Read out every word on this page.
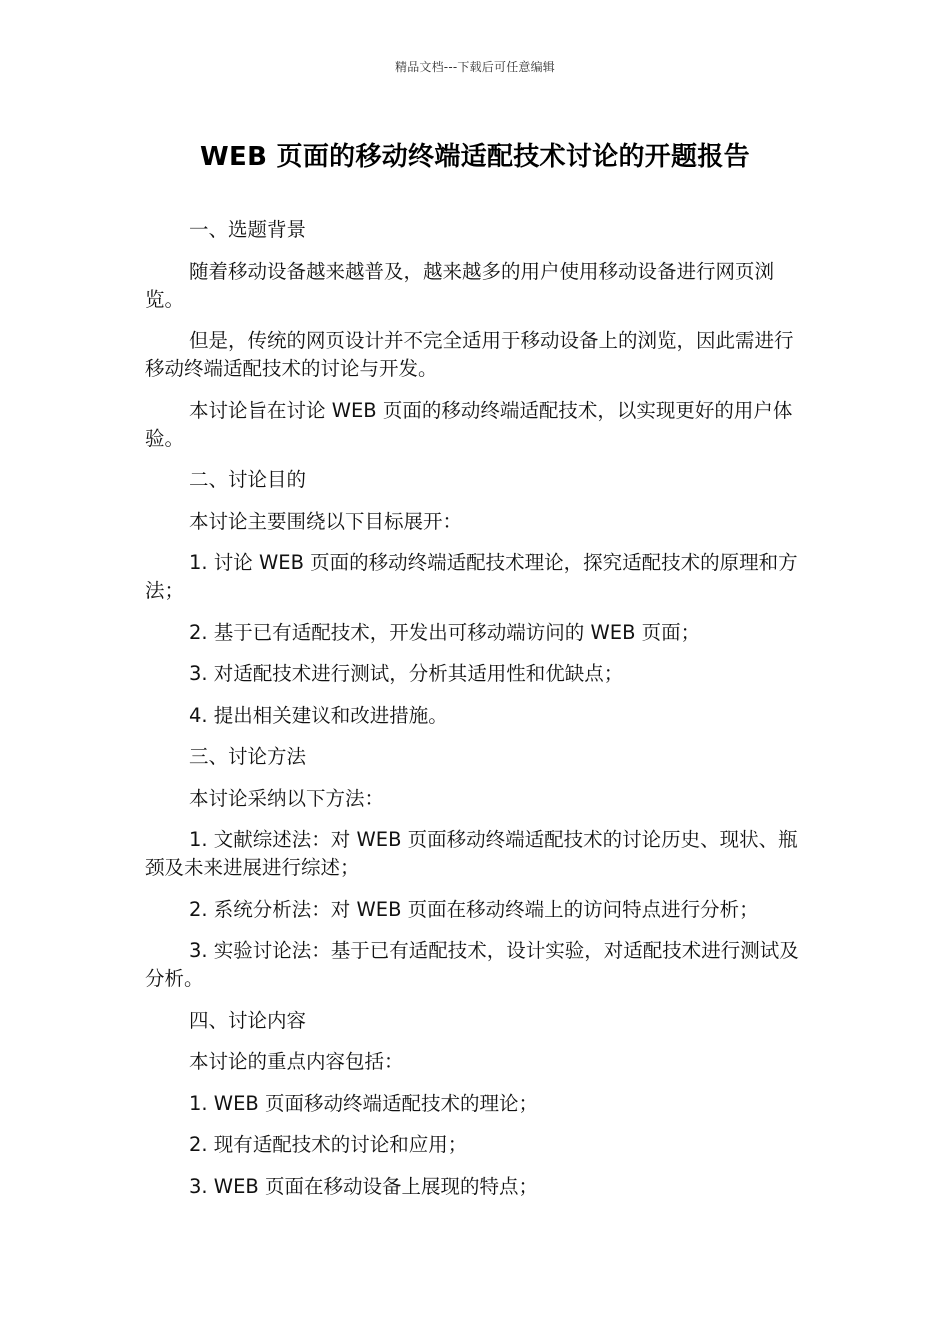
精品文档---下载后可任意编辑
WEB 页面的移动终端适配技术讨论的开题报告

一、选题背景

随着移动设备越来越普及，越来越多的用户使用移动设备进行网页浏览。

但是，传统的网页设计并不完全适用于移动设备上的浏览，因此需进行移动终端适配技术的讨论与开发。

本讨论旨在讨论 WEB 页面的移动终端适配技术，以实现更好的用户体验。

二、讨论目的

本讨论主要围绕以下目标展开：

1. 讨论 WEB 页面的移动终端适配技术理论，探究适配技术的原理和方法；

2. 基于已有适配技术，开发出可移动端访问的 WEB 页面；

3. 对适配技术进行测试，分析其适用性和优缺点；

4. 提出相关建议和改进措施。

三、讨论方法

本讨论采纳以下方法：

1. 文献综述法：对 WEB 页面移动终端适配技术的讨论历史、现状、瓶颈及未来进展进行综述；

2. 系统分析法：对 WEB 页面在移动终端上的访问特点进行分析；

3. 实验讨论法：基于已有适配技术，设计实验，对适配技术进行测试及分析。

四、讨论内容

本讨论的重点内容包括：

1. WEB 页面移动终端适配技术的理论；

2. 现有适配技术的讨论和应用；

3. WEB 页面在移动设备上展现的特点；
